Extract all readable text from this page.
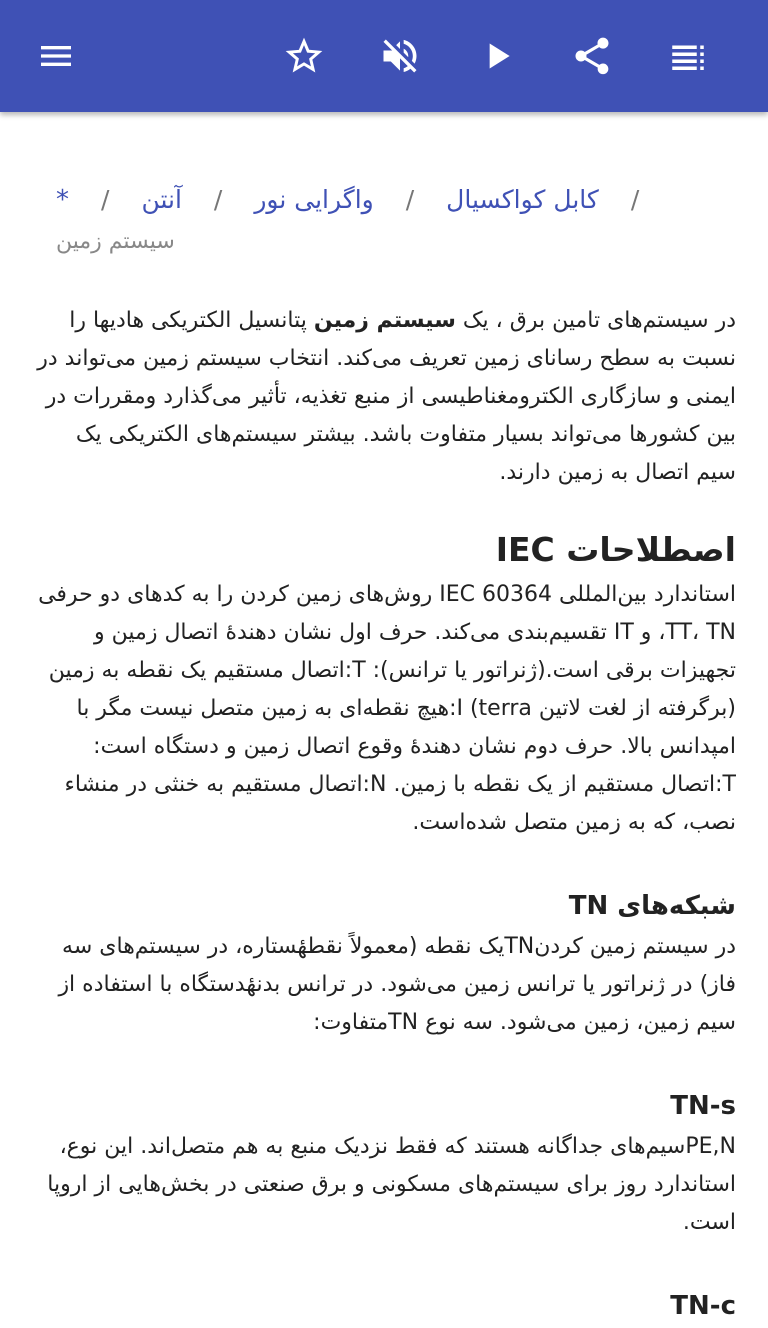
* / آنتن / واگرایی نور / کابل کواکسیال /
سیستم زمین

در سیستم‌های تامین برق ، یک سیستم زمین پتانسیل الکتریکی هادیها را نسبت به سطح رسانای زمین تعریف می‌کند. انتخاب سیستم زمین می‌تواند در ایمنی و سازگاری الکترومغناطیسی از منبع تغذیه، تأثیر می‌گذارد ومقررات در بین کشورها می‌تواند بسیار متفاوت باشد. بیشتر سیستم‌های الکتریکی یک سیم اتصال به زمین دارند.

اصطلاحات IEC

استاندارد بین‌المللی IEC 60364 روش‌های زمین کردن را به کدهای دو حرفی TT، TN، و IT تقسیم‌بندی می‌کند. حرف اول نشان دهندهٔ اتصال زمین و تجهیزات برقی است.(ژنراتور یا ترانس): T:اتصال مستقیم یک نقطه به زمین (برگرفته از لغت لاتین I (terra:هیچ نقطه‌ای به زمین متصل نیست مگر با امپدانس بالا. حرف دوم نشان دهندهٔ وقوع اتصال زمین و دستگاه است: T:اتصال مستقیم از یک نقطه با زمین. N:اتصال مستقیم به خنثی در منشاء نصب، که به زمین متصل شده‌است.

شبکه‌های TN

در سیستم زمین کردنTNیک نقطه (معمولاً نقطهٔستاره، در سیستم‌های سه فاز) در ژنراتور یا ترانس زمین می‌شود. در ترانس بدنهٔدستگاه با استفاده از سیم زمین، زمین می‌شود. سه نوع TNمتفاوت:

TN-s

PE,Nسیم‌های جداگانه هستند که فقط نزدیک منبع به هم متصل‌اند. این نوع، استاندارد روز برای سیستم‌های مسکونی و برق صنعتی در بخش‌هایی از اروپا است.

TN-c
